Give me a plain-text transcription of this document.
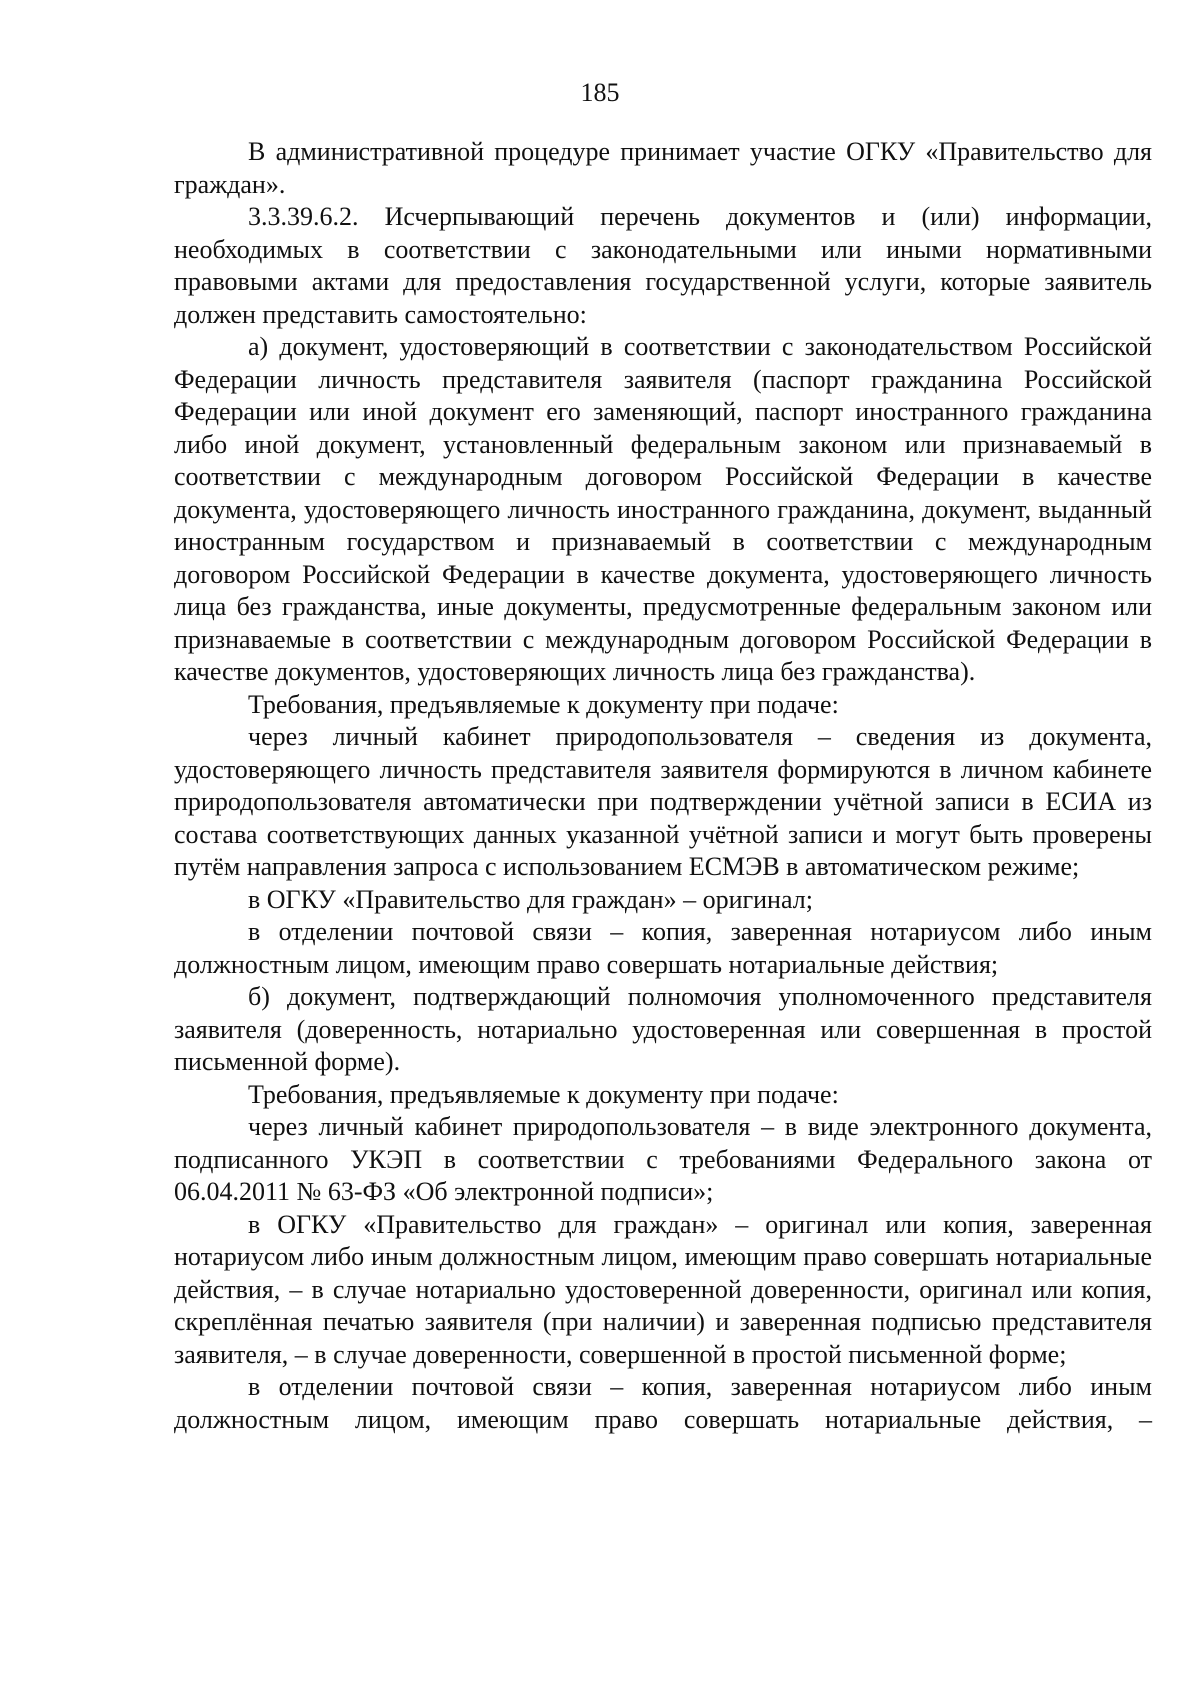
185

В административной процедуре принимает участие ОГКУ «Правительство для граждан».

3.3.39.6.2. Исчерпывающий перечень документов и (или) информации, необходимых в соответствии с законодательными или иными нормативными правовыми актами для предоставления государственной услуги, которые заявитель должен представить самостоятельно:

а) документ, удостоверяющий в соответствии с законодательством Российской Федерации личность представителя заявителя (паспорт гражданина Российской Федерации или иной документ его заменяющий, паспорт иностранного гражданина либо иной документ, установленный федеральным законом или признаваемый в соответствии с международным договором Российской Федерации в качестве документа, удостоверяющего личность иностранного гражданина, документ, выданный иностранным государством и признаваемый в соответствии с международным договором Российской Федерации в качестве документа, удостоверяющего личность лица без гражданства, иные документы, предусмотренные федеральным законом или признаваемые в соответствии с международным договором Российской Федерации в качестве документов, удостоверяющих личность лица без гражданства).

Требования, предъявляемые к документу при подаче:

через личный кабинет природопользователя – сведения из документа, удостоверяющего личность представителя заявителя формируются в личном кабинете природопользователя автоматически при подтверждении учётной записи в ЕСИА из состава соответствующих данных указанной учётной записи и могут быть проверены путём направления запроса с использованием ЕСМЭВ в автоматическом режиме;

в ОГКУ «Правительство для граждан» – оригинал;

в отделении почтовой связи – копия, заверенная нотариусом либо иным должностным лицом, имеющим право совершать нотариальные действия;

б) документ, подтверждающий полномочия уполномоченного представителя заявителя (доверенность, нотариально удостоверенная или совершенная в простой письменной форме).

Требования, предъявляемые к документу при подаче:

через личный кабинет природопользователя – в виде электронного документа, подписанного УКЭП в соответствии с требованиями Федерального закона от 06.04.2011 № 63-ФЗ «Об электронной подписи»;

в ОГКУ «Правительство для граждан» – оригинал или копия, заверенная нотариусом либо иным должностным лицом, имеющим право совершать нотариальные действия, – в случае нотариально удостоверенной доверенности, оригинал или копия, скреплённая печатью заявителя (при наличии) и заверенная подписью представителя заявителя, – в случае доверенности, совершенной в простой письменной форме;

в отделении почтовой связи – копия, заверенная нотариусом либо иным должностным лицом, имеющим право совершать нотариальные действия, –
